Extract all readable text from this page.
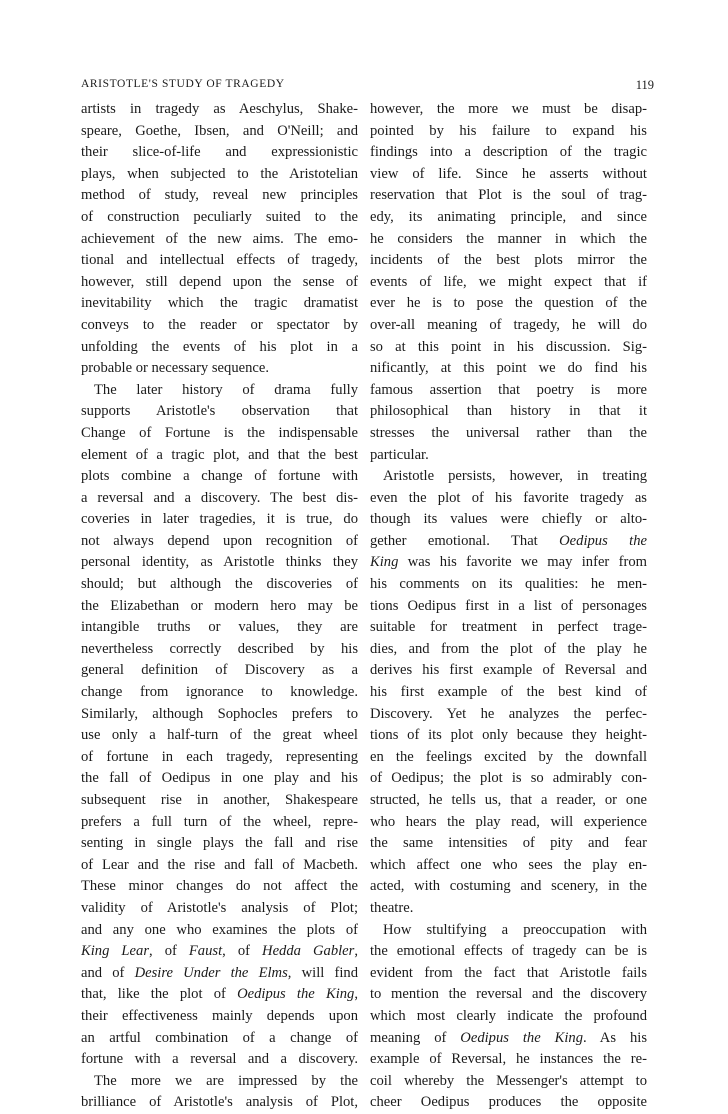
ARISTOTLE'S STUDY OF TRAGEDY	119
artists in tragedy as Aeschylus, Shake-
speare, Goethe, Ibsen, and O'Neill; and
their slice-of-life and expressionistic
plays, when subjected to the Aristotelian
method of study, reveal new principles
of construction peculiarly suited to the
achievement of the new aims. The emo-
tional and intellectual effects of tragedy,
however, still depend upon the sense of
inevitability which the tragic dramatist
conveys to the reader or spectator by
unfolding the events of his plot in a
probable or necessary sequence.
The later history of drama fully
supports Aristotle's observation that
Change of Fortune is the indispensable
element of a tragic plot, and that the best
plots combine a change of fortune with
a reversal and a discovery. The best dis-
coveries in later tragedies, it is true, do
not always depend upon recognition of
personal identity, as Aristotle thinks they
should; but although the discoveries of
the Elizabethan or modern hero may be
intangible truths or values, they are
nevertheless correctly described by his
general definition of Discovery as a
change from ignorance to knowledge.
Similarly, although Sophocles prefers to
use only a half-turn of the great wheel
of fortune in each tragedy, representing
the fall of Oedipus in one play and his
subsequent rise in another, Shakespeare
prefers a full turn of the wheel, repre-
senting in single plays the fall and rise
of Lear and the rise and fall of Macbeth.
These minor changes do not affect the
validity of Aristotle's analysis of Plot;
and any one who examines the plots of
King Lear, of Faust, of Hedda Gabler,
and of Desire Under the Elms, will find
that, like the plot of Oedipus the King,
their effectiveness mainly depends upon
an artful combination of a change of
fortune with a reversal and a discovery.
The more we are impressed by the
brilliance of Aristotle's analysis of Plot,
however, the more we must be disap-
pointed by his failure to expand his
findings into a description of the tragic
view of life. Since he asserts without
reservation that Plot is the soul of trag-
edy, its animating principle, and since
he considers the manner in which the
incidents of the best plots mirror the
events of life, we might expect that if
ever he is to pose the question of the
over-all meaning of tragedy, he will do
so at this point in his discussion. Sig-
nificantly, at this point we do find his
famous assertion that poetry is more
philosophical than history in that it
stresses the universal rather than the
particular.
Aristotle persists, however, in treating
even the plot of his favorite tragedy as
though its values were chiefly or alto-
gether emotional. That Oedipus the
King was his favorite we may infer from
his comments on its qualities: he men-
tions Oedipus first in a list of personages
suitable for treatment in perfect trage-
dies, and from the plot of the play he
derives his first example of Reversal and
his first example of the best kind of
Discovery. Yet he analyzes the perfec-
tions of its plot only because they height-
en the feelings excited by the downfall
of Oedipus; the plot is so admirably con-
structed, he tells us, that a reader, or one
who hears the play read, will experience
the same intensities of pity and fear
which affect one who sees the play en-
acted, with costuming and scenery, in the
theatre.
How stultifying a preoccupation with
the emotional effects of tragedy can be is
evident from the fact that Aristotle fails
to mention the reversal and the discovery
which most clearly indicate the profound
meaning of Oedipus the King. As his
example of Reversal, he instances the re-
coil whereby the Messenger's attempt to
cheer Oedipus produces the opposite
